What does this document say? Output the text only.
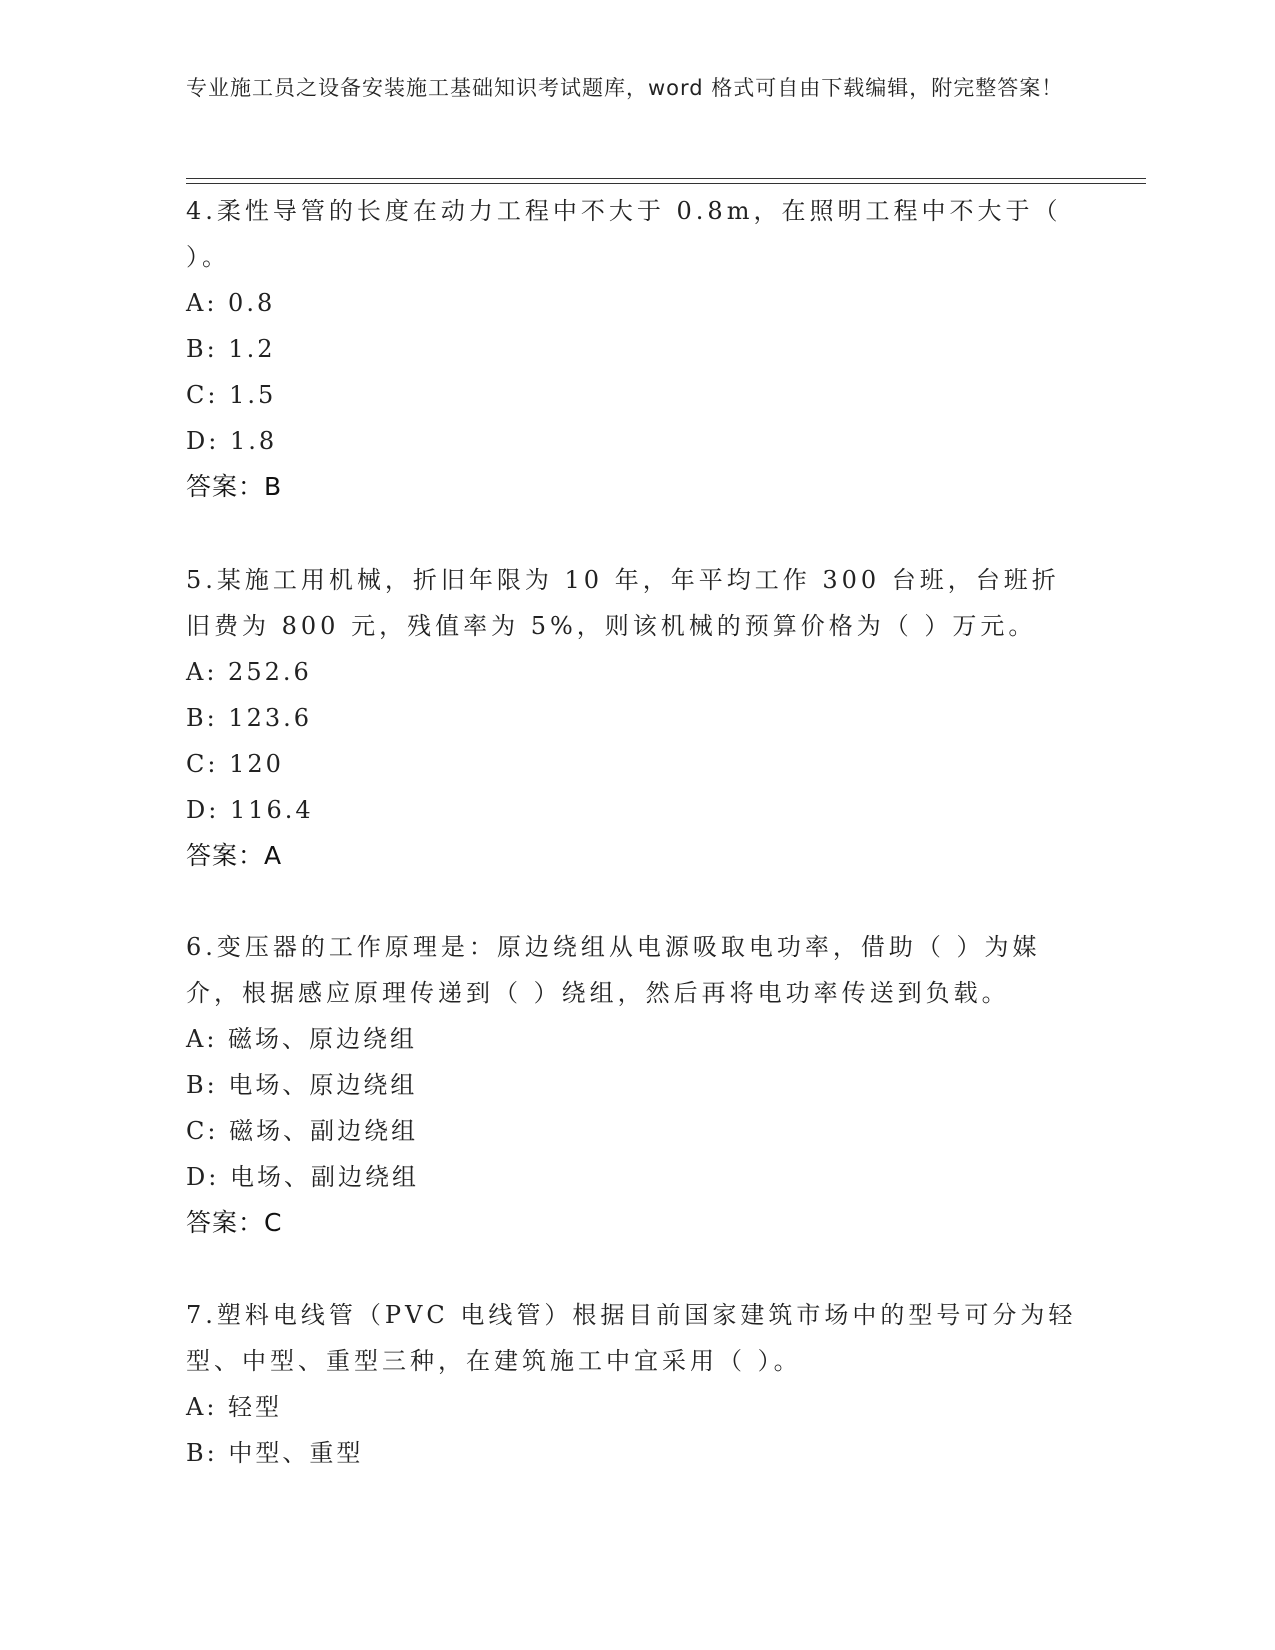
专业施工员之设备安装施工基础知识考试题库，word 格式可自由下载编辑，附完整答案！

4.柔性导管的长度在动力工程中不大于 0.8m，在照明工程中不大于（ ）。

A: 0.8

B: 1.2

C: 1.5

D: 1.8

答案：B

5.某施工用机械，折旧年限为 10 年，年平均工作 300 台班，台班折旧费为 800 元，残值率为 5%，则该机械的预算价格为（ ）万元。

A: 252.6

B: 123.6

C: 120

D: 116.4

答案：A

6.变压器的工作原理是：原边绕组从电源吸取电功率，借助（ ）为媒介，根据感应原理传递到（ ）绕组，然后再将电功率传送到负载。

A: 磁场、原边绕组

B: 电场、原边绕组

C: 磁场、副边绕组

D: 电场、副边绕组

答案：C

7.塑料电线管（PVC 电线管）根据目前国家建筑市场中的型号可分为轻型、中型、重型三种，在建筑施工中宜采用（ ）。

A: 轻型

B: 中型、重型
